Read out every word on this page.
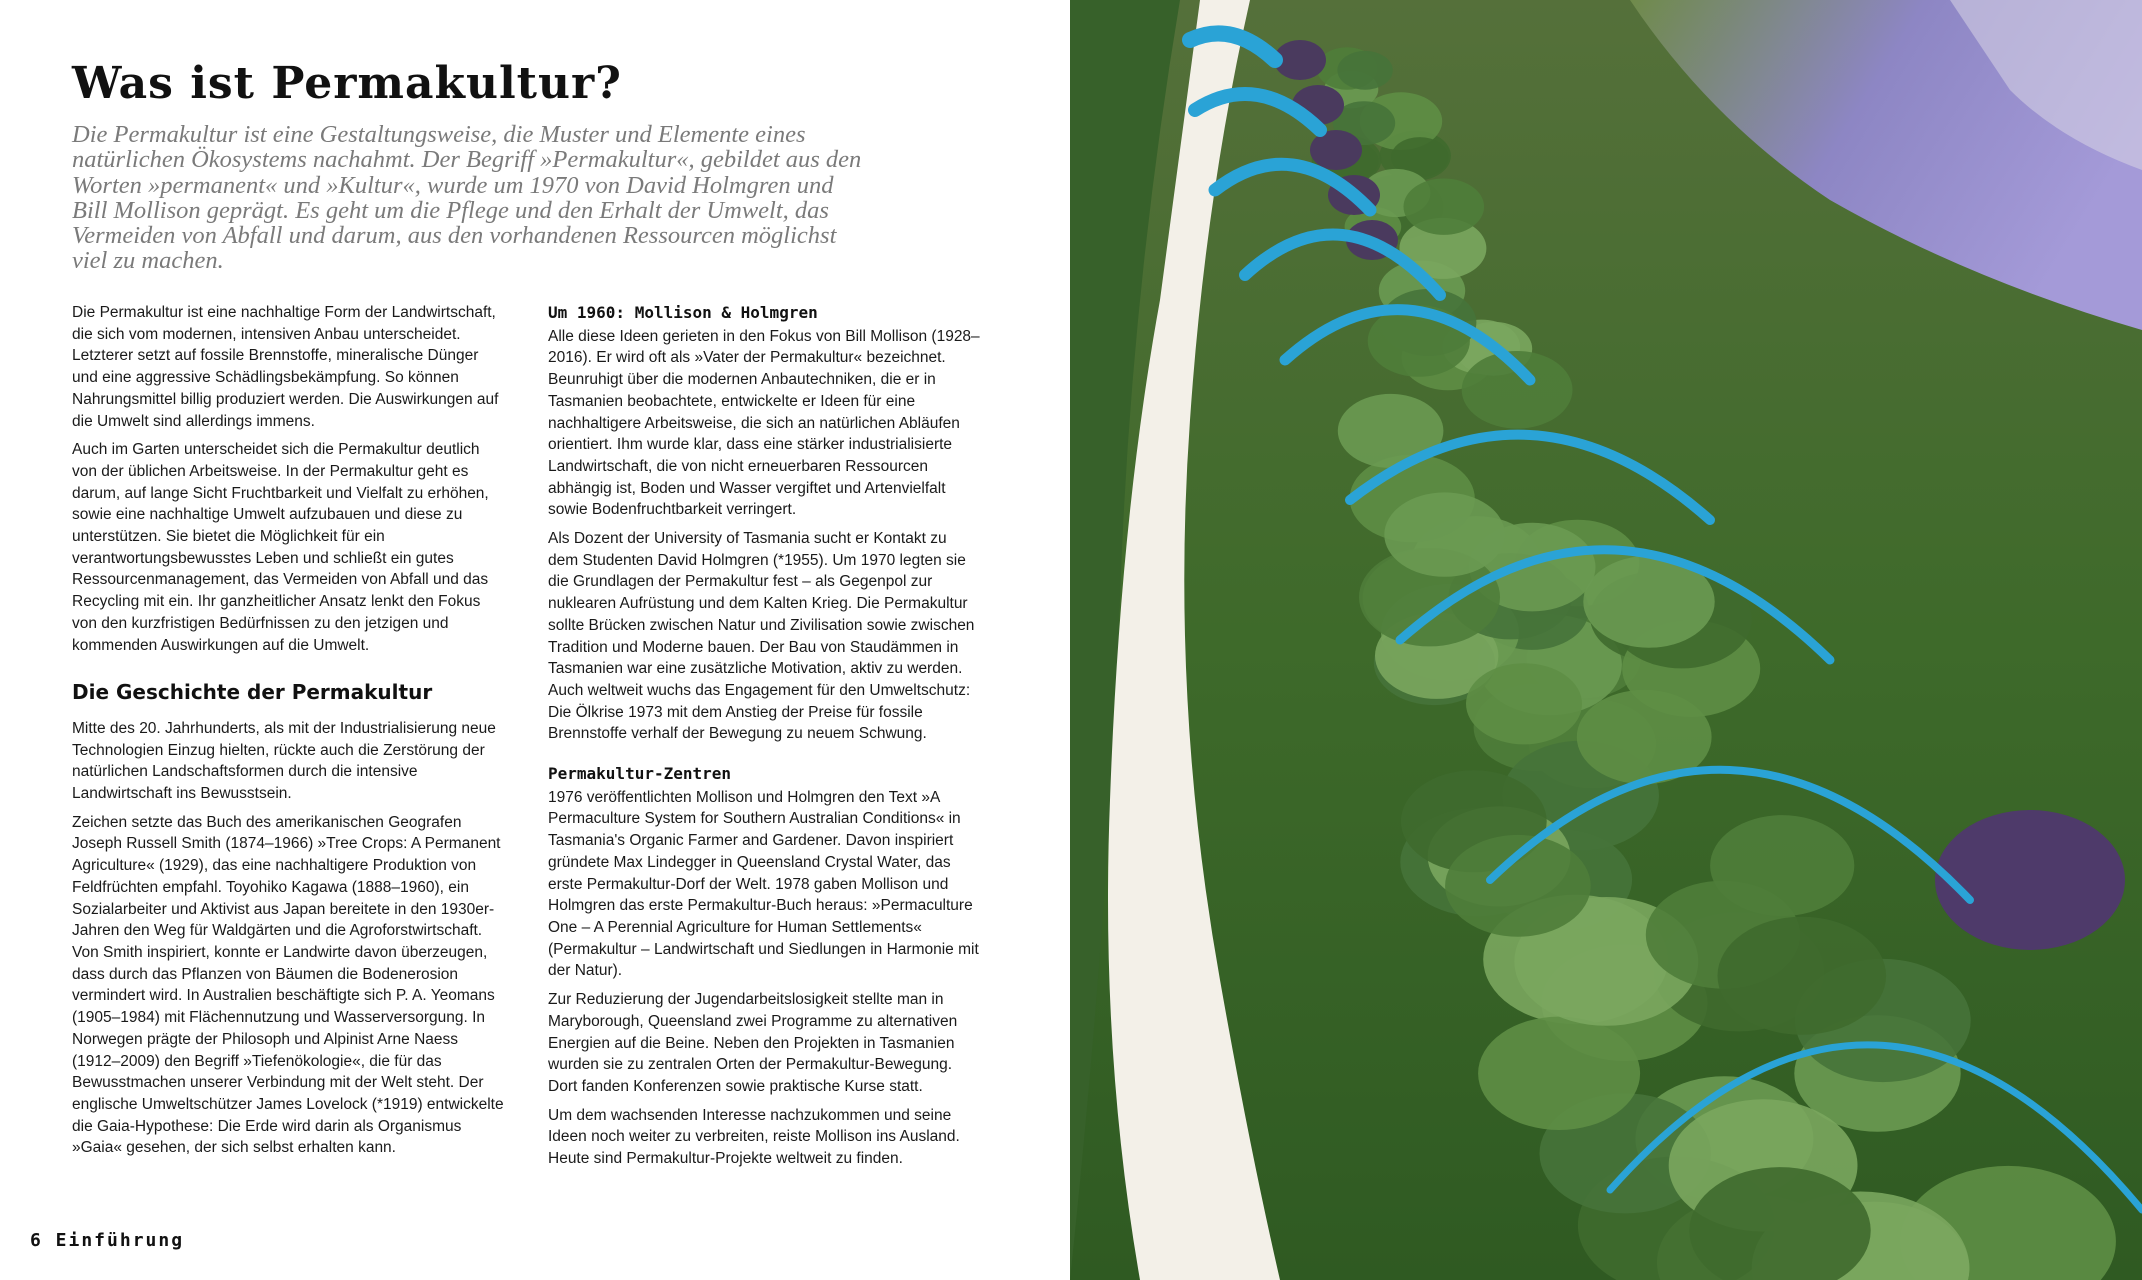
Was ist Permakultur?

Die Permakultur ist eine Gestaltungsweise, die Muster und Elemente eines natürlichen Ökosystems nachahmt. Der Begriff »Permakultur«, gebildet aus den Worten »permanent« und »Kultur«, wurde um 1970 von David Holmgren und Bill Mollison geprägt. Es geht um die Pflege und den Erhalt der Umwelt, das Vermeiden von Abfall und darum, aus den vorhandenen Ressourcen möglichst viel zu machen.

Die Permakultur ist eine nachhaltige Form der Landwirtschaft, die sich vom modernen, intensiven Anbau unterscheidet. Letzterer setzt auf fossile Brennstoffe, mineralische Dünger und eine aggressive Schädlingsbekämpfung. So können Nahrungsmittel billig produziert werden. Die Auswirkungen auf die Umwelt sind allerdings immens.

Auch im Garten unterscheidet sich die Permakultur deutlich von der üblichen Arbeitsweise. In der Permakultur geht es darum, auf lange Sicht Fruchtbarkeit und Vielfalt zu erhöhen, sowie eine nachhaltige Umwelt aufzubauen und diese zu unterstützen. Sie bietet die Möglichkeit für ein verantwortungsbewusstes Leben und schließt ein gutes Ressourcenmanagement, das Vermeiden von Abfall und das Recycling mit ein. Ihr ganzheitlicher Ansatz lenkt den Fokus von den kurzfristigen Bedürfnissen zu den jetzigen und kommenden Auswirkungen auf die Umwelt.

Die Geschichte der Permakultur

Mitte des 20. Jahrhunderts, als mit der Industrialisierung neue Technologien Einzug hielten, rückte auch die Zerstörung der natürlichen Landschaftsformen durch die intensive Landwirtschaft ins Bewusstsein.

Zeichen setzte das Buch des amerikanischen Geografen Joseph Russell Smith (1874–1966) »Tree Crops: A Permanent Agriculture« (1929), das eine nachhaltigere Produktion von Feldfrüchten empfahl. Toyohiko Kagawa (1888–1960), ein Sozialarbeiter und Aktivist aus Japan bereitete in den 1930er-Jahren den Weg für Waldgärten und die Agroforstwirtschaft. Von Smith inspiriert, konnte er Landwirte davon überzeugen, dass durch das Pflanzen von Bäumen die Bodenerosion vermindert wird. In Australien beschäftigte sich P. A. Yeomans (1905–1984) mit Flächennutzung und Wasserversorgung. In Norwegen prägte der Philosoph und Alpinist Arne Naess (1912–2009) den Begriff »Tiefenökologie«, die für das Bewusstmachen unserer Verbindung mit der Welt steht. Der englische Umweltschützer James Lovelock (*1919) entwickelte die Gaia-Hypothese: Die Erde wird darin als Organismus »Gaia« gesehen, der sich selbst erhalten kann.

Um 1960: Mollison & Holmgren

Alle diese Ideen gerieten in den Fokus von Bill Mollison (1928–2016). Er wird oft als »Vater der Permakultur« bezeichnet. Beunruhigt über die modernen Anbautechniken, die er in Tasmanien beobachtete, entwickelte er Ideen für eine nachhaltigere Arbeitsweise, die sich an natürlichen Abläufen orientiert. Ihm wurde klar, dass eine stärker industrialisierte Landwirtschaft, die von nicht erneuerbaren Ressourcen abhängig ist, Boden und Wasser vergiftet und Artenvielfalt sowie Bodenfruchtbarkeit verringert.

Als Dozent der University of Tasmania sucht er Kontakt zu dem Studenten David Holmgren (*1955). Um 1970 legten sie die Grundlagen der Permakultur fest – als Gegenpol zur nuklearen Aufrüstung und dem Kalten Krieg. Die Permakultur sollte Brücken zwischen Natur und Zivilisation sowie zwischen Tradition und Moderne bauen. Der Bau von Staudämmen in Tasmanien war eine zusätzliche Motivation, aktiv zu werden. Auch weltweit wuchs das Engagement für den Umweltschutz: Die Ölkrise 1973 mit dem Anstieg der Preise für fossile Brennstoffe verhalf der Bewegung zu neuem Schwung.

Permakultur-Zentren

1976 veröffentlichten Mollison und Holmgren den Text »A Permaculture System for Southern Australian Conditions« in Tasmania's Organic Farmer and Gardener. Davon inspiriert gründete Max Lindegger in Queensland Crystal Water, das erste Permakultur-Dorf der Welt. 1978 gaben Mollison und Holmgren das erste Permakultur-Buch heraus: »Permaculture One – A Perennial Agriculture for Human Settlements« (Permakultur – Landwirtschaft und Siedlungen in Harmonie mit der Natur).

Zur Reduzierung der Jugendarbeitslosigkeit stellte man in Maryborough, Queensland zwei Programme zu alternativen Energien auf die Beine. Neben den Projekten in Tasmanien wurden sie zu zentralen Orten der Permakultur-Bewegung. Dort fanden Konferenzen sowie praktische Kurse statt.

Um dem wachsenden Interesse nachzukommen und seine Ideen noch weiter zu verbreiten, reiste Mollison ins Ausland. Heute sind Permakultur-Projekte weltweit zu finden.

6 Einführung
